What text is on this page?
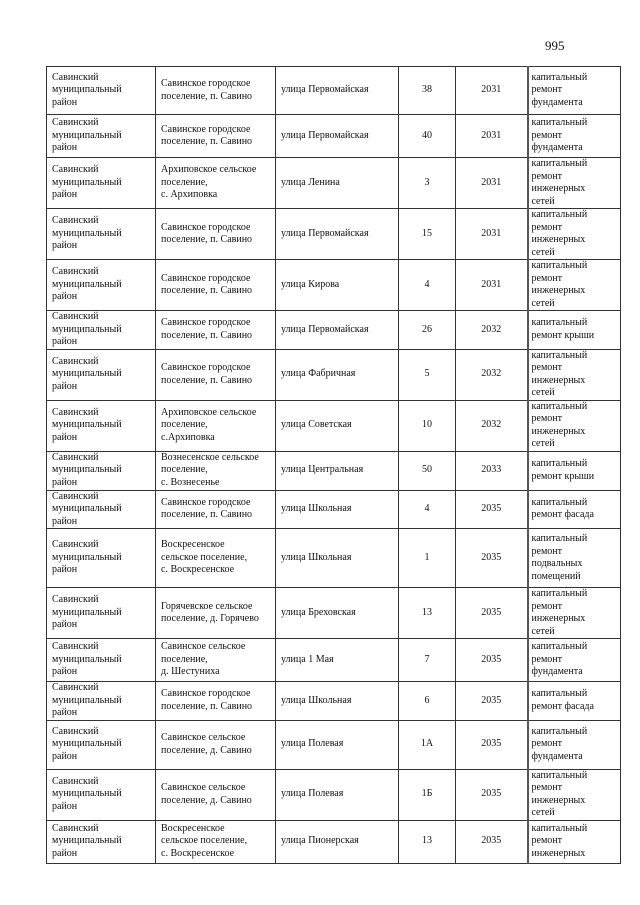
995
Савинский
муниципальный
район	Савинское городское
поселение, п. Савино	улица Первомайская	38	2031	капитальный
ремонт
фундамента
Савинский
муниципальный
район	Савинское городское
поселение, п. Савино	улица Первомайская	40	2031	капитальный
ремонт
фундамента
Савинский
муниципальный
район	Архиповское сельское
поселение,
с. Архиповка	улица Ленина	3	2031	капитальный
ремонт
инженерных
сетей
Савинский
муниципальный
район	Савинское городское
поселение, п. Савино	улица Первомайская	15	2031	капитальный
ремонт
инженерных
сетей
Савинский
муниципальный
район	Савинское городское
поселение, п. Савино	улица Кирова	4	2031	капитальный
ремонт
инженерных
сетей
Савинский
муниципальный
район	Савинское городское
поселение, п. Савино	улица Первомайская	26	2032	капитальный
ремонт крыши
Савинский
муниципальный
район	Савинское городское
поселение, п. Савино	улица Фабричная	5	2032	капитальный
ремонт
инженерных
сетей
Савинский
муниципальный
район	Архиповское сельское
поселение,
с.Архиповка	улица Советская	10	2032	капитальный
ремонт
инженерных
сетей
Савинский
муниципальный
район	Вознесенское сельское
поселение,
с. Вознесенье	улица Центральная	50	2033	капитальный
ремонт крыши
Савинский
муниципальный
район	Савинское городское
поселение, п. Савино	улица Школьная	4	2035	капитальный
ремонт фасада
Савинский
муниципальный
район	Воскресенское
сельское поселение,
с. Воскресенское	улица Школьная	1	2035	капитальный
ремонт
подвальных
помещений
Савинский
муниципальный
район	Горячевское сельское
поселение, д. Горячево	улица Бреховская	13	2035	капитальный
ремонт
инженерных
сетей
Савинский
муниципальный
район	Савинское сельское
поселение,
д. Шестуниха	улица 1 Мая	7	2035	капитальный
ремонт
фундамента
Савинский
муниципальный
район	Савинское городское
поселение, п. Савино	улица Школьная	6	2035	капитальный
ремонт фасада
Савинский
муниципальный
район	Савинское сельское
поселение, д. Савино	улица Полевая	1А	2035	капитальный
ремонт
фундамента
Савинский
муниципальный
район	Савинское сельское
поселение, д. Савино	улица Полевая	1Б	2035	капитальный
ремонт
инженерных
сетей
Савинский
муниципальный
район	Воскресенское
сельское поселение,
с. Воскресенское	улица Пионерская	13	2035	капитальный
ремонт
инженерных
